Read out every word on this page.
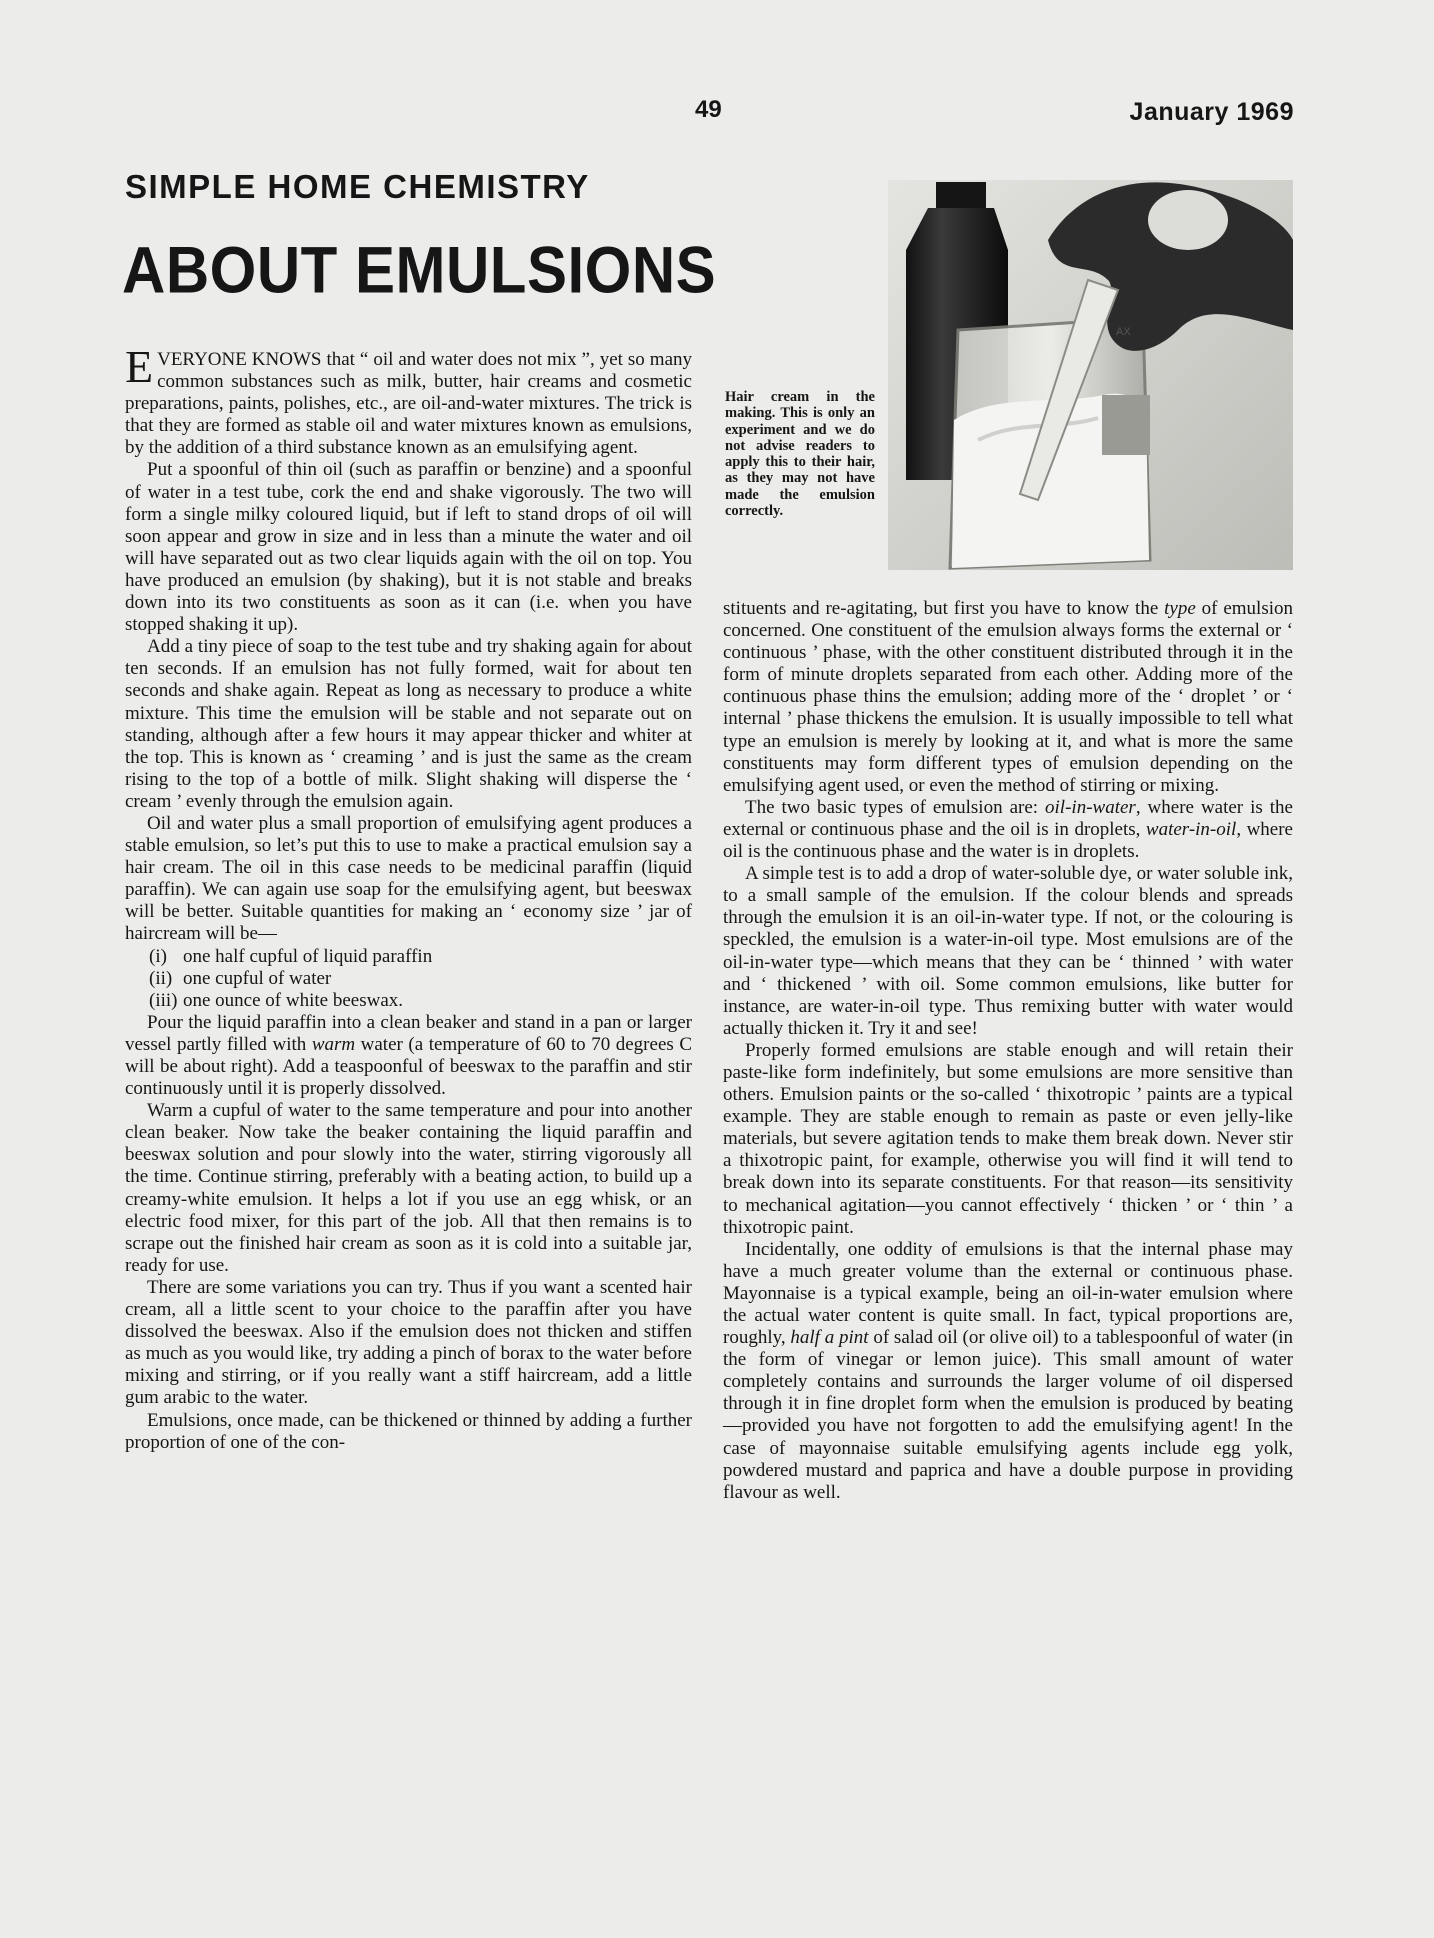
49	January 1969
SIMPLE HOME CHEMISTRY
ABOUT EMULSIONS

EVERYONE KNOWS that “ oil and water does not mix ”, yet so many common substances such as milk, butter, hair creams and cosmetic preparations, paints, polishes, etc., are oil-and-water mixtures. The trick is that they are formed as stable oil and water mixtures known as emulsions, by the addition of a third substance known as an emulsifying agent.

Put a spoonful of thin oil (such as paraffin or benzine) and a spoonful of water in a test tube, cork the end and shake vigorously. The two will form a single milky coloured liquid, but if left to stand drops of oil will soon appear and grow in size and in less than a minute the water and oil will have separated out as two clear liquids again with the oil on top. You have produced an emulsion (by shaking), but it is not stable and breaks down into its two constituents as soon as it can (i.e. when you have stopped shaking it up).

Add a tiny piece of soap to the test tube and try shaking again for about ten seconds. If an emulsion has not fully formed, wait for about ten seconds and shake again. Repeat as long as necessary to produce a white mixture. This time the emulsion will be stable and not separate out on standing, although after a few hours it may appear thicker and whiter at the top. This is known as ‘ creaming ’ and is just the same as the cream rising to the top of a bottle of milk. Slight shaking will disperse the ‘ cream ’ evenly through the emulsion again.

Oil and water plus a small proportion of emulsifying agent produces a stable emulsion, so let’s put this to use to make a practical emulsion say a hair cream. The oil in this case needs to be medicinal paraffin (liquid paraffin). We can again use soap for the emulsifying agent, but beeswax will be better. Suitable quantities for making an ‘ economy size ’ jar of haircream will be—

(i) one half cupful of liquid paraffin
(ii) one cupful of water
(iii) one ounce of white beeswax.

Pour the liquid paraffin into a clean beaker and stand in a pan or larger vessel partly filled with warm water (a temperature of 60 to 70 degrees C will be about right). Add a teaspoonful of beeswax to the paraffin and stir continuously until it is properly dissolved.

Warm a cupful of water to the same temperature and pour into another clean beaker. Now take the beaker containing the liquid paraffin and beeswax solution and pour slowly into the water, stirring vigorously all the time. Continue stirring, preferably with a beating action, to build up a creamy-white emulsion. It helps a lot if you use an egg whisk, or an electric food mixer, for this part of the job. All that then remains is to scrape out the finished hair cream as soon as it is cold into a suitable jar, ready for use.

There are some variations you can try. Thus if you want a scented hair cream, all a little scent to your choice to the paraffin after you have dissolved the beeswax. Also if the emulsion does not thicken and stiffen as much as you would like, try adding a pinch of borax to the water before mixing and stirring, or if you really want a stiff haircream, add a little gum arabic to the water.

Emulsions, once made, can be thickened or thinned by adding a further proportion of one of the con-

Hair cream in the making. This is only an experiment and we do not advise readers to apply this to their hair, as they may not have made the emulsion correctly.
AX

stituents and re-agitating, but first you have to know the type of emulsion concerned. One constituent of the emulsion always forms the external or ‘ continuous ’ phase, with the other constituent distributed through it in the form of minute droplets separated from each other. Adding more of the continuous phase thins the emulsion; adding more of the ‘ droplet ’ or ‘ internal ’ phase thickens the emulsion. It is usually impossible to tell what type an emulsion is merely by looking at it, and what is more the same constituents may form different types of emulsion depending on the emulsifying agent used, or even the method of stirring or mixing.

The two basic types of emulsion are: oil-in-water, where water is the external or continuous phase and the oil is in droplets, water-in-oil, where oil is the continuous phase and the water is in droplets.

A simple test is to add a drop of water-soluble dye, or water soluble ink, to a small sample of the emulsion. If the colour blends and spreads through the emulsion it is an oil-in-water type. If not, or the colouring is speckled, the emulsion is a water-in-oil type. Most emulsions are of the oil-in-water type—which means that they can be ‘ thinned ’ with water and ‘ thickened ’ with oil. Some common emulsions, like butter for instance, are water-in-oil type. Thus remixing butter with water would actually thicken it. Try it and see!

Properly formed emulsions are stable enough and will retain their paste-like form indefinitely, but some emulsions are more sensitive than others. Emulsion paints or the so-called ‘ thixotropic ’ paints are a typical example. They are stable enough to remain as paste or even jelly-like materials, but severe agitation tends to make them break down. Never stir a thixotropic paint, for example, otherwise you will find it will tend to break down into its separate constituents. For that reason—its sensitivity to mechanical agitation—you cannot effectively ‘ thicken ’ or ‘ thin ’ a thixotropic paint.

Incidentally, one oddity of emulsions is that the internal phase may have a much greater volume than the external or continuous phase. Mayonnaise is a typical example, being an oil-in-water emulsion where the actual water content is quite small. In fact, typical proportions are, roughly, half a pint of salad oil (or olive oil) to a tablespoonful of water (in the form of vinegar or lemon juice). This small amount of water completely contains and surrounds the larger volume of oil dispersed through it in fine droplet form when the emulsion is produced by beating—provided you have not forgotten to add the emulsifying agent! In the case of mayonnaise suitable emulsifying agents include egg yolk, powdered mustard and paprica and have a double purpose in providing flavour as well.
